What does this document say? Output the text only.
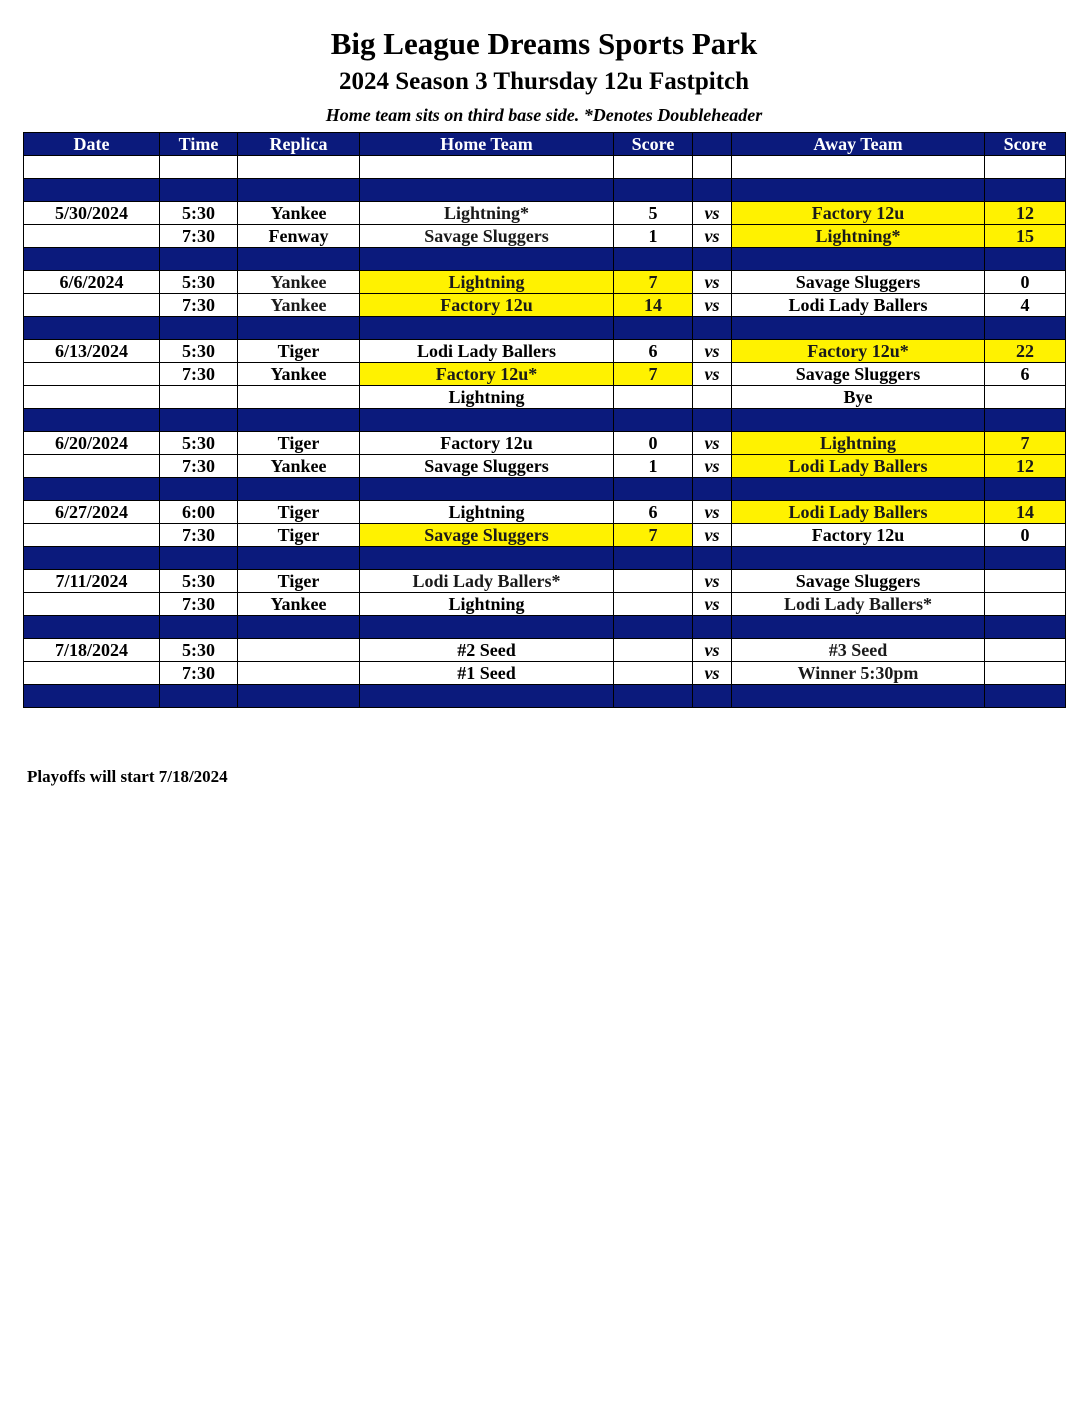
Big League Dreams Sports Park
2024 Season 3 Thursday 12u Fastpitch
Home team sits on third base side. *Denotes Doubleheader
Date	Time	Replica	Home Team	Score		Away Team	Score

5/30/2024	5:30	Yankee	Lightning*	5	vs	Factory 12u	12
	7:30	Fenway	Savage Sluggers	1	vs	Lightning*	15

6/6/2024	5:30	Yankee	Lightning	7	vs	Savage Sluggers	0
	7:30	Yankee	Factory 12u	14	vs	Lodi Lady Ballers	4

6/13/2024	5:30	Tiger	Lodi Lady Ballers	6	vs	Factory 12u*	22
	7:30	Yankee	Factory 12u*	7	vs	Savage Sluggers	6
			Lightning			Bye	

6/20/2024	5:30	Tiger	Factory 12u	0	vs	Lightning	7
	7:30	Yankee	Savage Sluggers	1	vs	Lodi Lady Ballers	12

6/27/2024	6:00	Tiger	Lightning	6	vs	Lodi Lady Ballers	14
	7:30	Tiger	Savage Sluggers	7	vs	Factory 12u	0

7/11/2024	5:30	Tiger	Lodi Lady Ballers*		vs	Savage Sluggers	
	7:30	Yankee	Lightning		vs	Lodi Lady Ballers*	

7/18/2024	5:30		#2 Seed		vs	#3 Seed	
	7:30		#1 Seed		vs	Winner 5:30pm	

Playoffs will start 7/18/2024
